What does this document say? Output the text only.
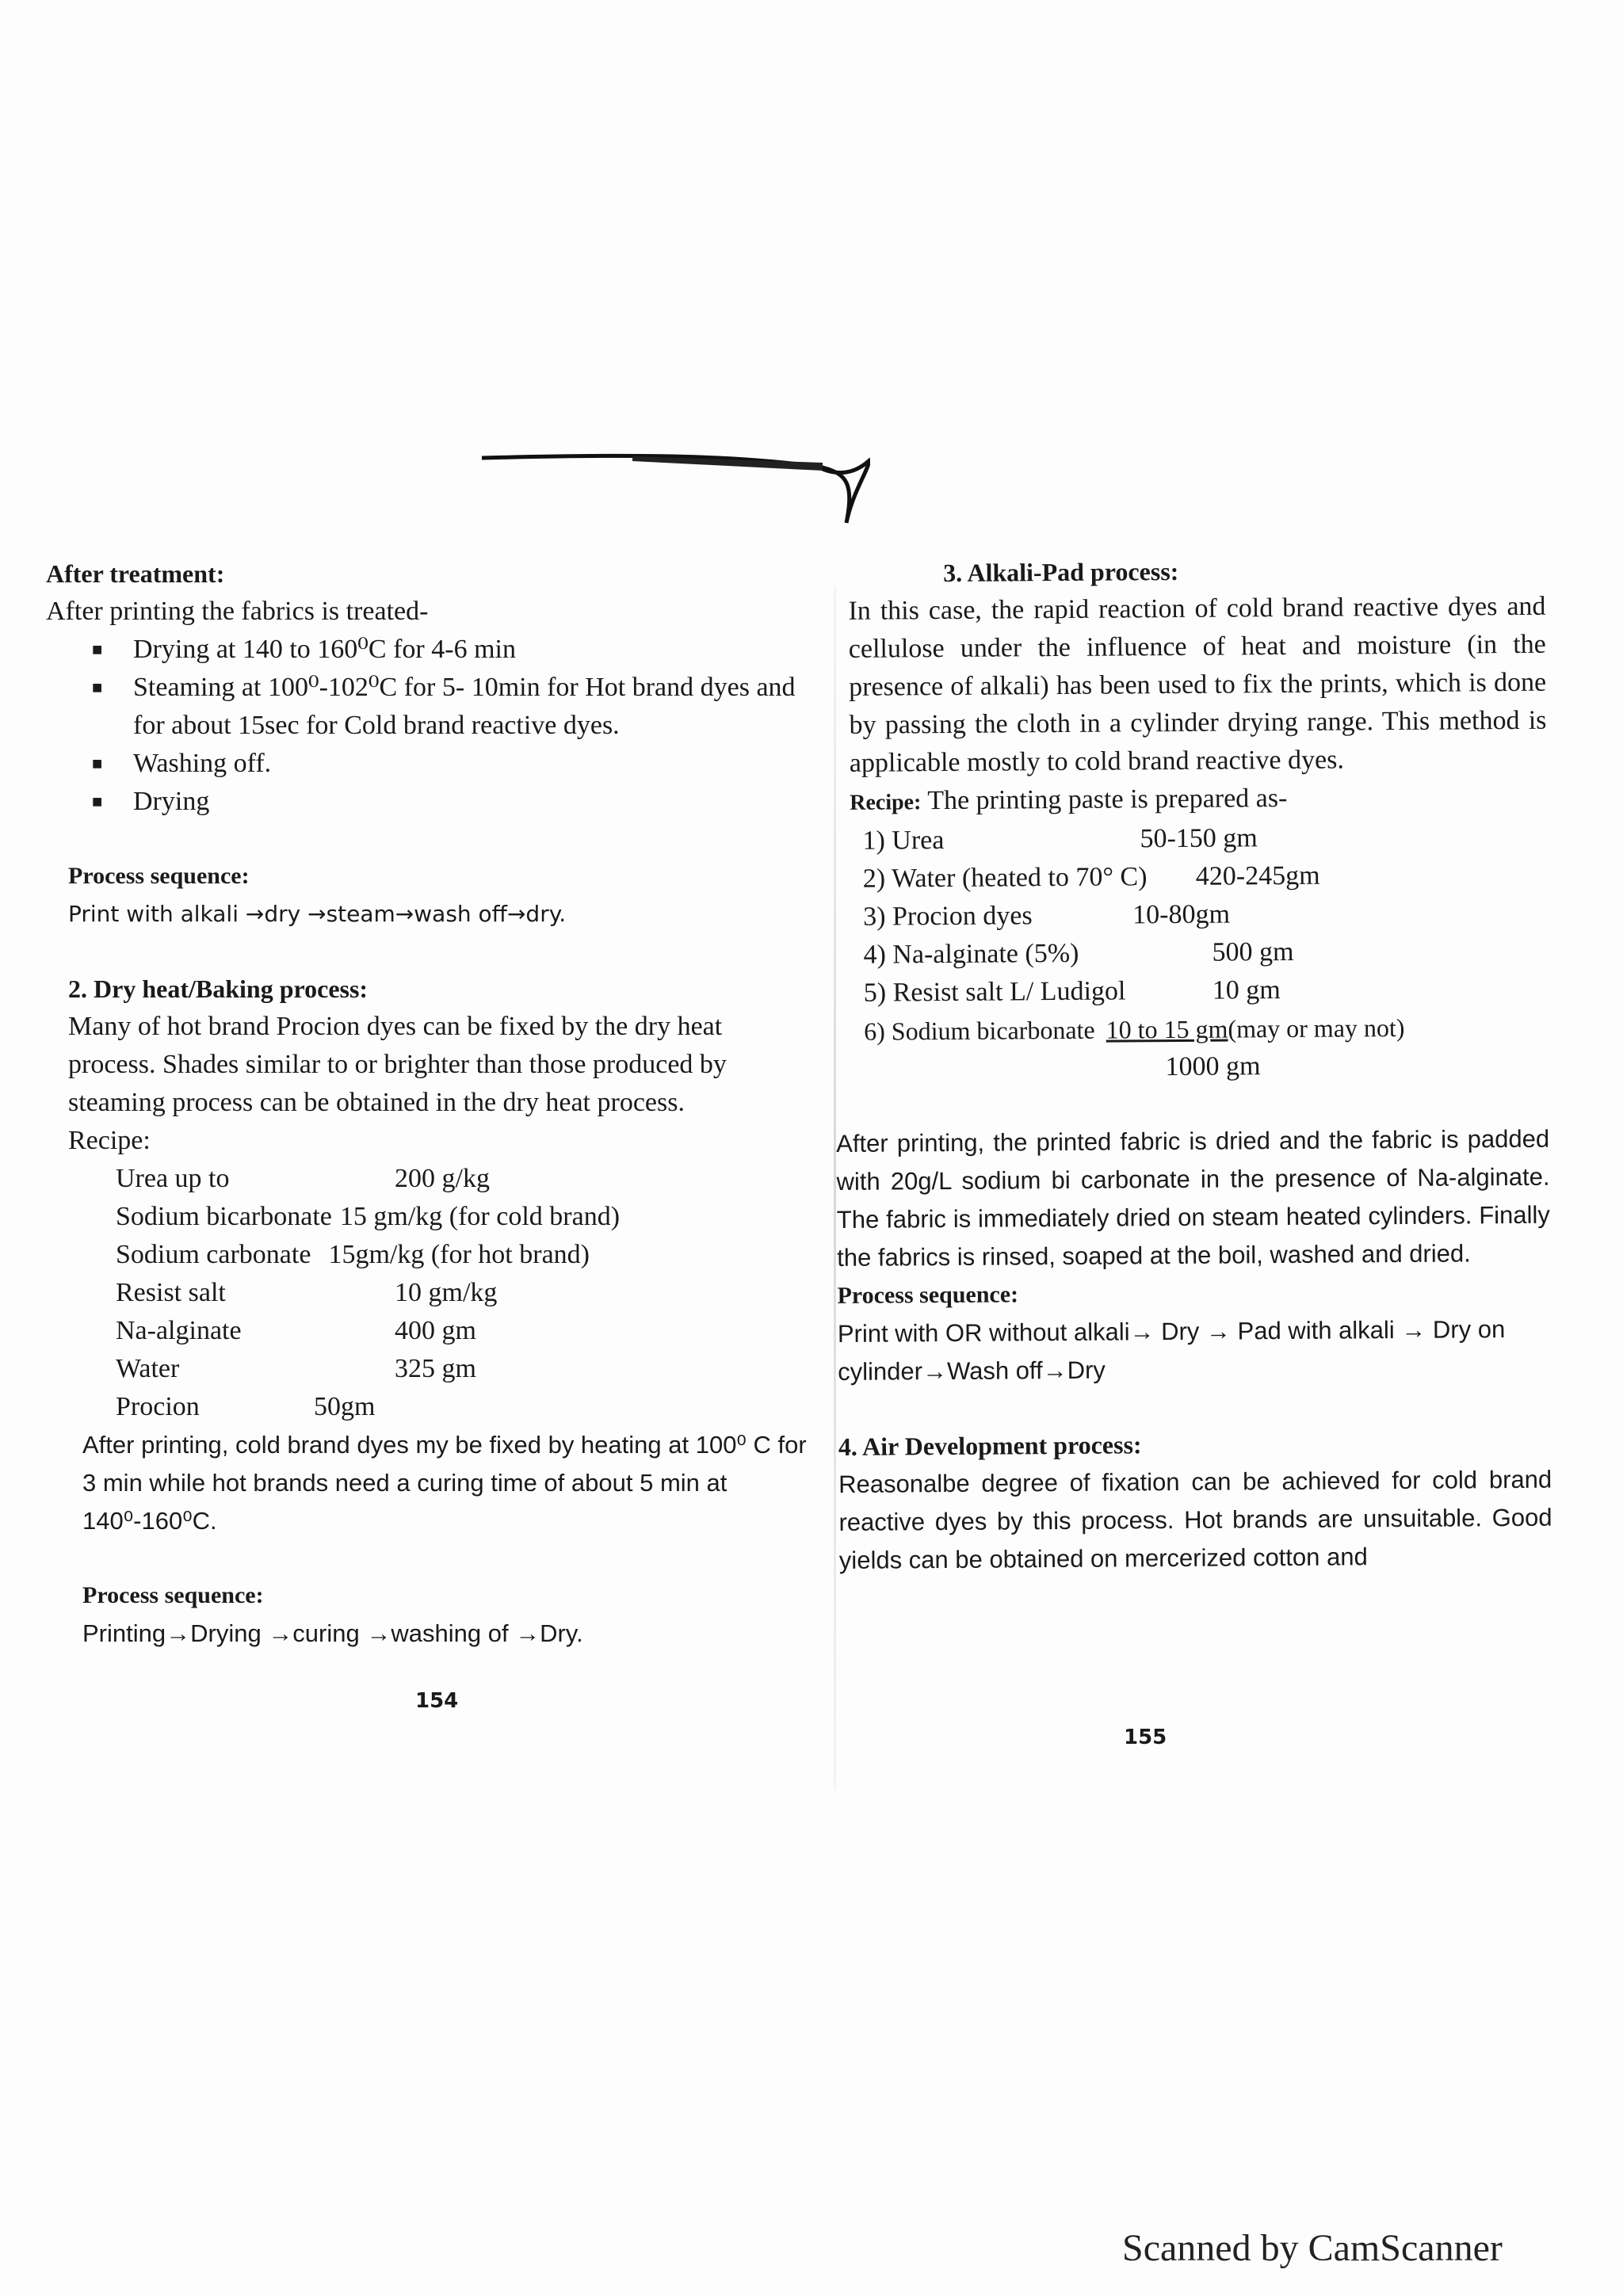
After treatment:

After printing the fabrics is treated-

■	Drying at 140 to 160⁰C for 4-6 min
■	Steaming at 100⁰-102⁰C for 5- 10min for Hot brand dyes and for about 15sec for Cold brand reactive dyes.
■	Washing off.
■	Drying
Process sequence:

Print with alkali →dry →steam→wash off→dry.

2. Dry heat/Baking process:

Many of hot brand Procion dyes can be fixed by the dry heat process. Shades similar to or brighter than those produced by steaming process can be obtained in the dry heat process.

Recipe:
Urea up to	200 g/kg
Sodium bicarbonate 15 gm/kg (for cold brand)
Sodium carbonate 15gm/kg (for hot brand)
Resist salt	10 gm/kg
Na-alginate	400 gm
Water	325 gm
Procion	50gm

After printing, cold brand dyes my be fixed by heating at 100⁰ C for 3 min while hot brands need a curing time of about 5 min at 140⁰-160⁰C.

Process sequence:

Printing→Drying →curing →washing of →Dry.

154
3. Alkali-Pad process:

In this case, the rapid reaction of cold brand reactive dyes and cellulose under the influence of heat and moisture (in the presence of alkali) has been used to fix the prints, which is done by passing the cloth in a cylinder drying range. This method is applicable mostly to cold brand reactive dyes.

Recipe: The printing paste is prepared as-
1) Urea	50-150 gm
2) Water (heated to 70° C)	420-245gm
3) Procion dyes	10-80gm
4) Na-alginate (5%)	500 gm
5) Resist salt L/ Ludigol	10 gm
6) Sodium bicarbonate 10 to 15 gm (may or may not)
1000 gm

After printing, the printed fabric is dried and the fabric is padded with 20g/L sodium bi carbonate in the presence of Na-alginate. The fabric is immediately dried on steam heated cylinders. Finally the fabrics is rinsed, soaped at the boil, washed and dried.

Process sequence:

Print with OR without alkali→ Dry → Pad with alkali → Dry on cylinder→Wash off→Dry

4. Air Development process:

Reasonalbe degree of fixation can be achieved for cold brand reactive dyes by this process. Hot brands are unsuitable. Good yields can be obtained on mercerized cotton and

155
Scanned by CamScanner
